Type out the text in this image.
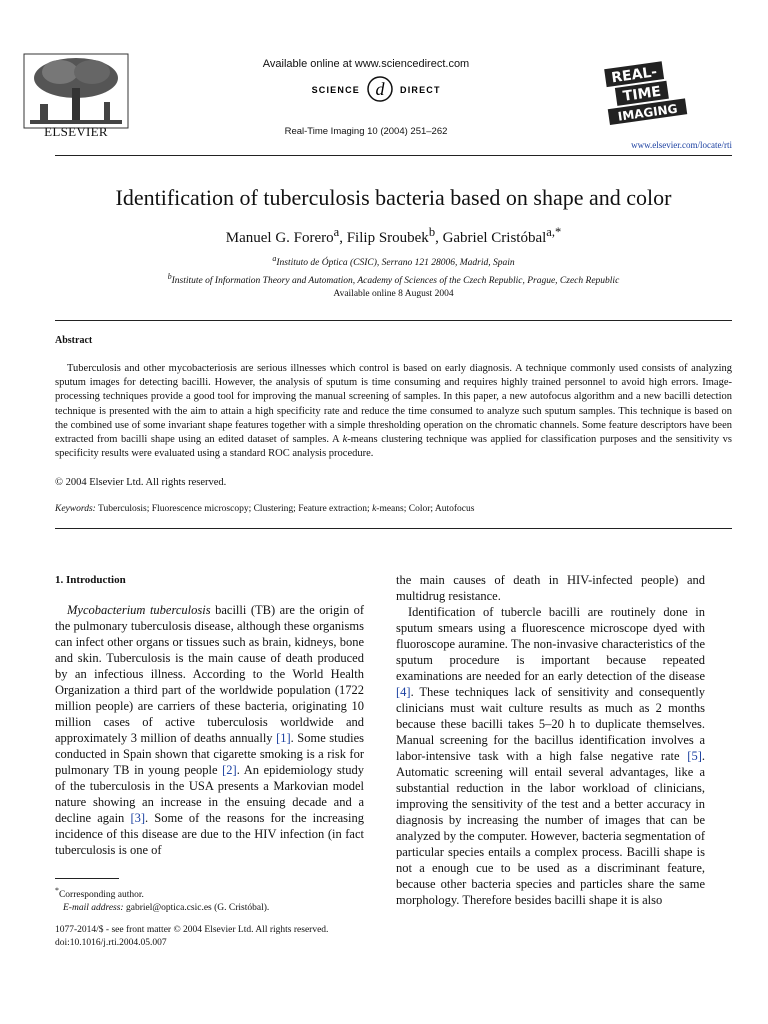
ELSEVIER
Available online at www.sciencedirect.com
SCIENCE d DIRECT
Real-Time Imaging 10 (2004) 251–262
REAL-
TIME
IMAGING
www.elsevier.com/locate/rti
Identification of tuberculosis bacteria based on shape and color
Manuel G. Forero$^a$, Filip Sroubek$^b$, Gabriel Cristóbal$^{a,*}$
$^a$Instituto de Óptica (CSIC), Serrano 121 28006, Madrid, Spain
$^b$Institute of Information Theory and Automation, Academy of Sciences of the Czech Republic, Prague, Czech Republic
Available online 8 August 2004
Abstract

Tuberculosis and other mycobacteriosis are serious illnesses which control is based on early diagnosis. A technique commonly used consists of analyzing sputum images for detecting bacilli. However, the analysis of sputum is time consuming and requires highly trained personnel to avoid high errors. Image-processing techniques provide a good tool for improving the manual screening of samples. In this paper, a new autofocus algorithm and a new bacilli detection technique is presented with the aim to attain a high specificity rate and reduce the time consumed to analyze such sputum samples. This technique is based on the combined use of some invariant shape features together with a simple thresholding operation on the chromatic channels. Some feature descriptors have been extracted from bacilli shape using an edited dataset of samples. A k-means clustering technique was applied for classification purposes and the sensitivity vs specificity results were evaluated using a standard ROC analysis procedure.

© 2004 Elsevier Ltd. All rights reserved.
Keywords: Tuberculosis; Fluorescence microscopy; Clustering; Feature extraction; k-means; Color; Autofocus

1. Introduction

Mycobacterium tuberculosis bacilli (TB) are the origin of the pulmonary tuberculosis disease, although these organisms can infect other organs or tissues such as brain, kidneys, bone and skin. Tuberculosis is the main cause of death produced by an infectious illness. According to the World Health Organization a third part of the worldwide population (1722 million people) are carriers of these bacteria, originating 10 million cases of active tuberculosis worldwide and approximately 3 million of deaths annually [1]. Some studies conducted in Spain shown that cigarette smoking is a risk for pulmonary TB in young people [2]. An epidemiology study of the tuberculosis in the USA presents a Markovian model nature showing an increase in the ensuing decade and a decline again [3]. Some of the reasons for the increasing incidence of this disease are due to the HIV infection (in fact tuberculosis is one of

the main causes of death in HIV-infected people) and multidrug resistance.

Identification of tubercle bacilli are routinely done in sputum smears using a fluorescence microscope dyed with fluoroscope auramine. The non-invasive characteristics of the sputum procedure is important because repeated examinations are needed for an early detection of the disease [4]. These techniques lack of sensitivity and consequently clinicians must wait culture results as much as 2 months because these bacilli takes 5–20 h to duplicate themselves. Manual screening for the bacillus identification involves a labor-intensive task with a high false negative rate [5]. Automatic screening will entail several advantages, like a substantial reduction in the labor workload of clinicians, improving the sensitivity of the test and a better accuracy in diagnosis by increasing the number of images that can be analyzed by the computer. However, bacteria segmentation of particular species entails a complex process. Bacilli shape is not a enough cue to be used as a discriminant feature, because other bacteria species and particles share the same morphology. Therefore besides bacilli shape it is also

*Corresponding author.
E-mail address: gabriel@optica.csic.es (G. Cristóbal).
1077-2014/$ - see front matter © 2004 Elsevier Ltd. All rights reserved.
doi:10.1016/j.rti.2004.05.007
